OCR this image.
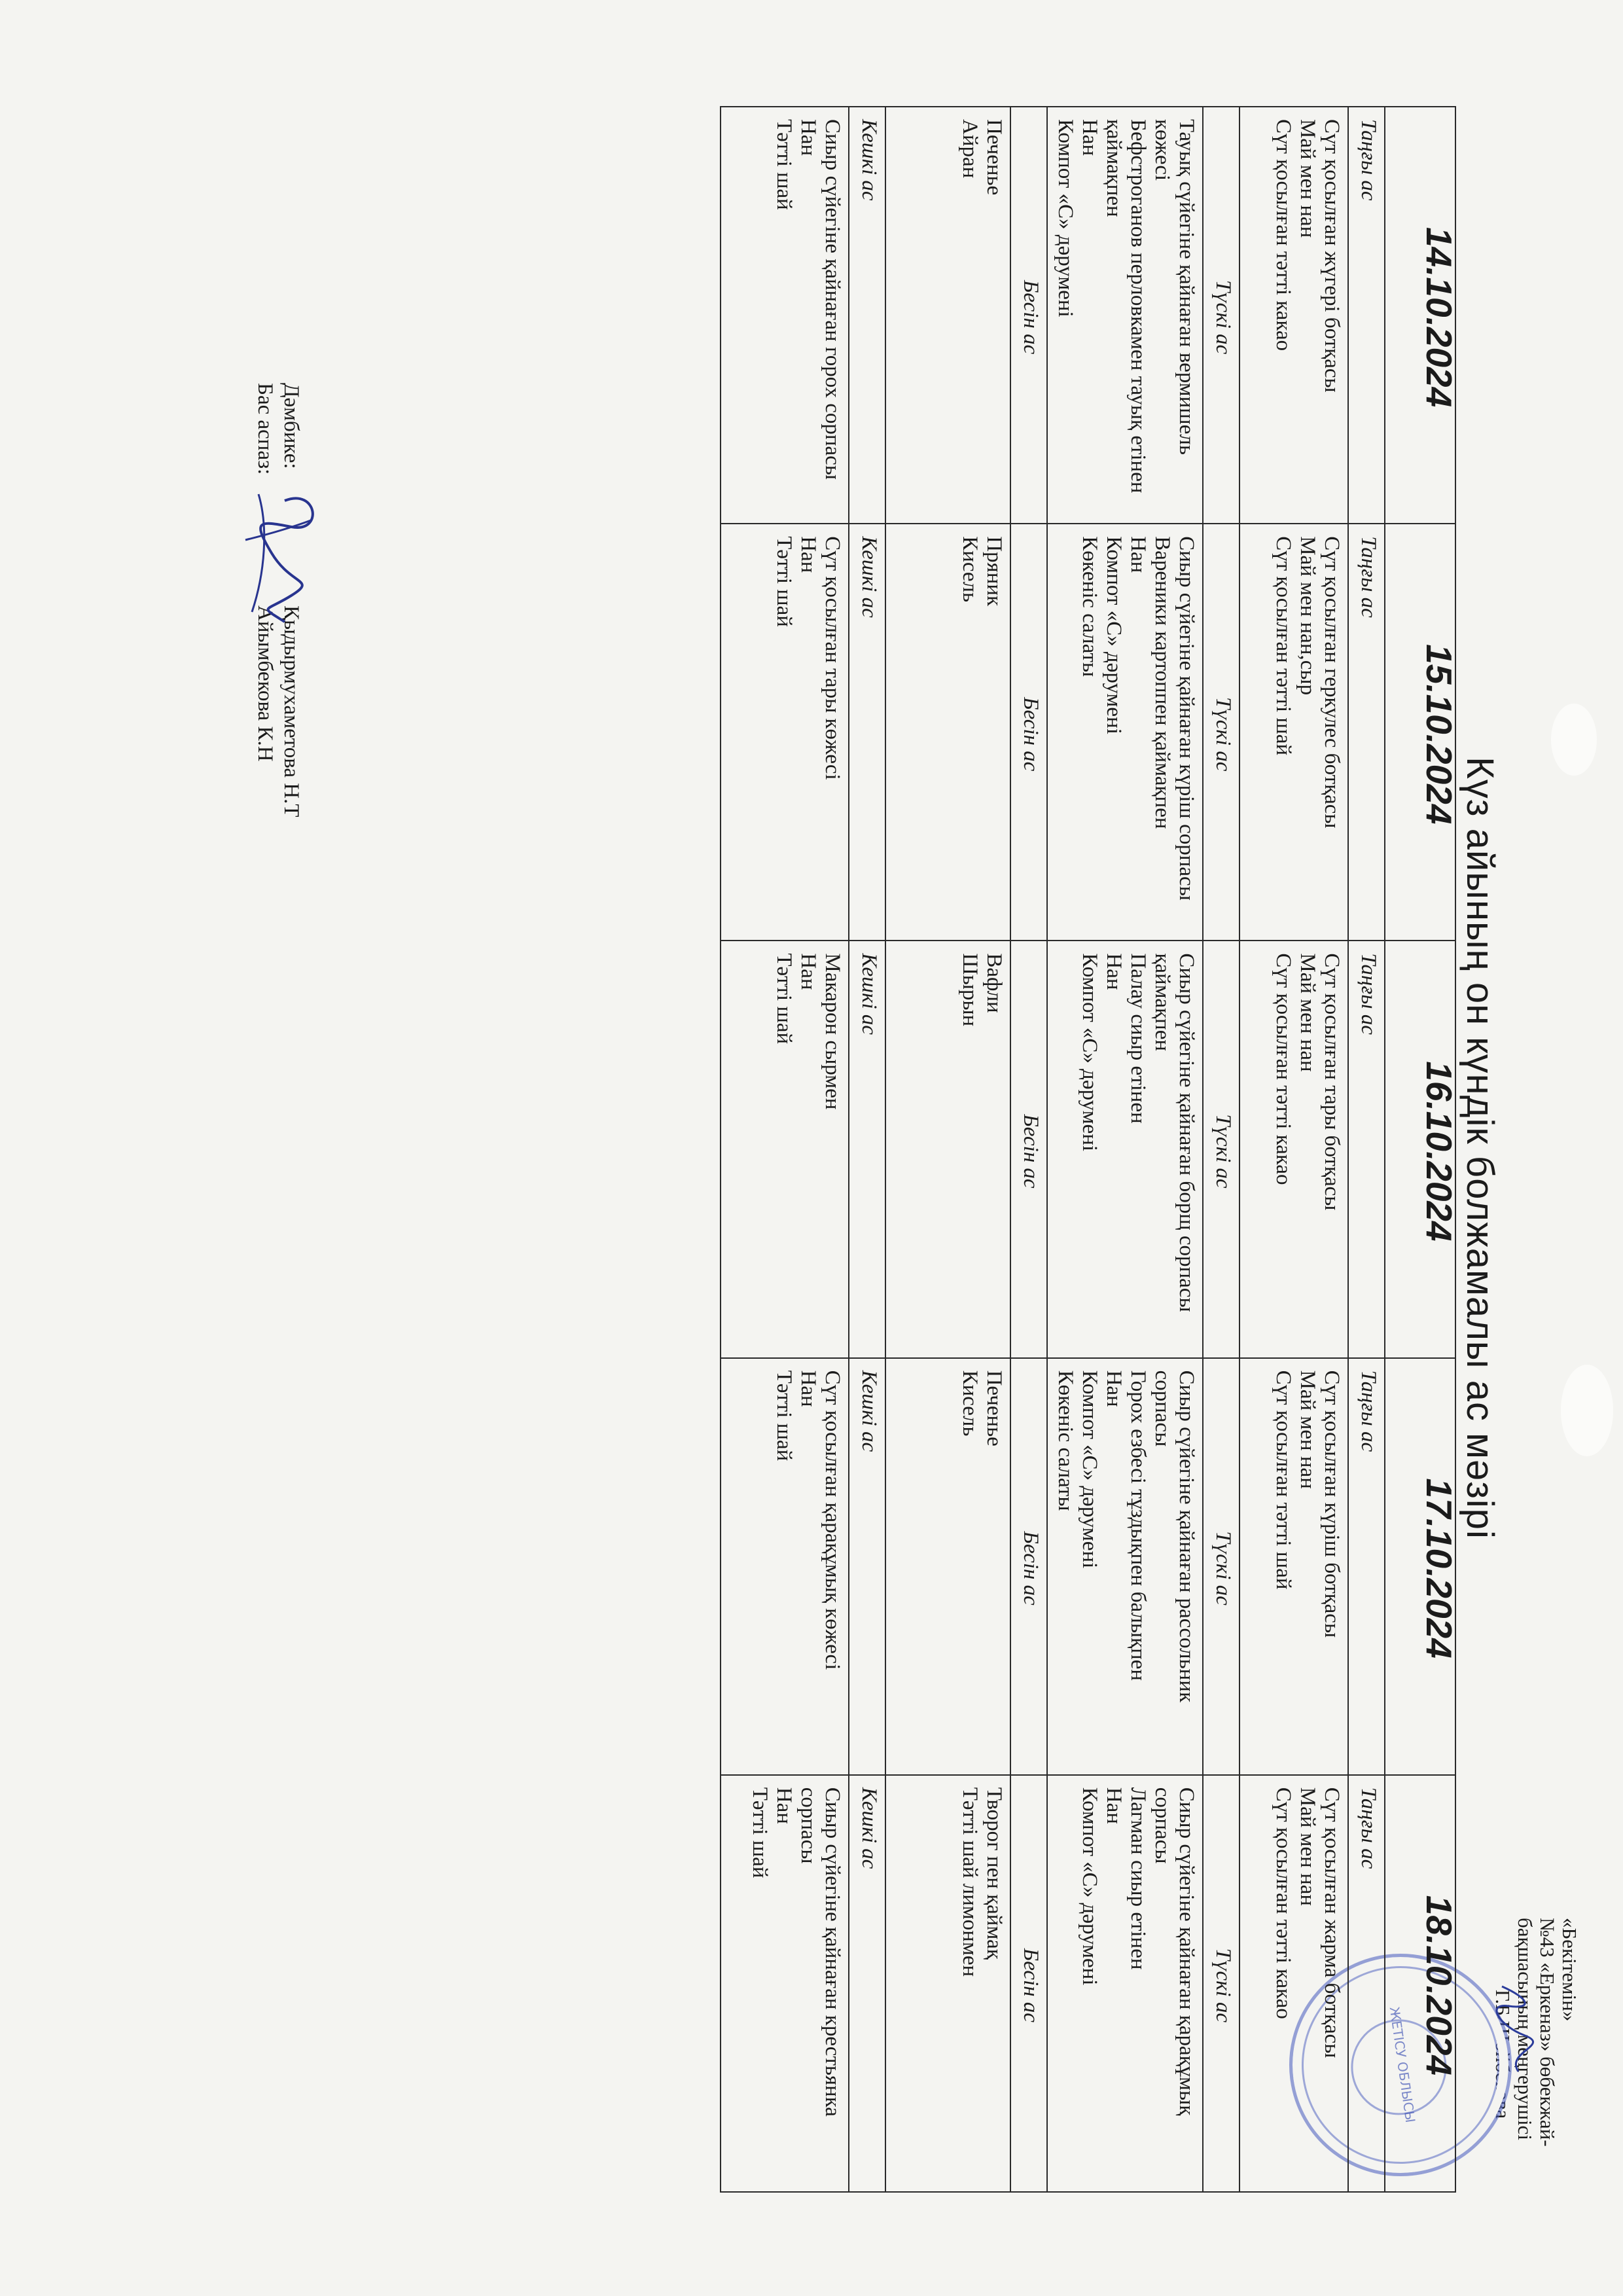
«Бекітемін»
№43 «Еркеназ» бөбекжай-
бақшасының меңгерушісі
Г.Б.Шойбекова
ЖЕТІСУ ОБЛЫСЫ
Күз айының он күндік болжамалы ас мәзірі
14.10.2024	15.10.2024	16.10.2024	17.10.2024	18.10.2024
Таңғы ас	Таңғы ас	Таңғы ас	Таңғы ас	Таңғы ас

Сүт қосылған жүгері ботқасы
Май мен нан
Сүт қосылған тәтті какао	Сүт қосылған геркулес ботқасы
Май мен нан,сыр
Сүт қосылған тәтті шай	Сүт қосылған тары ботқасы
Май мен нан
Сүт қосылған тәтті какао	Сүт қосылған күріш ботқасы
Май мен нан
Сүт қосылған тәтті шай	Сүт қосылған жарма ботқасы
Май мен нан
Сүт қосылған тәтті какао

Түскі ас	Түскі ас	Түскі ас	Түскі ас	Түскі ас

Тауық сүйегіне қайнаған вермишель көжесі
Бефстроганов перловкамен тауық етінен қаймақпен
Нан
Компот «С» дәрумені	Сиыр сүйегіне қайнаған күріш сорпасы
Вареники картоппен қаймақпен
Нан
Компот «С» дәрумені
Көкеніс салаты	Сиыр сүйегіне қайнаған борщ сорпасы қаймақпен
Палау сиыр етінен
Нан
Компот «С» дәрумені	Сиыр сүйегіне қайнаған рассольник сорпасы
Горох езбесі тұздықпен балықпен
Нан
Компот «С» дәрумені
Көкеніс салаты	Сиыр сүйегіне қайнаған қарақұмық сорпасы
Лагман сиыр етінен
Нан
Компот «С» дәрумені

Бесін ас	Бесін ас	Бесін ас	Бесін ас	Бесін ас

Печенье
Айран	Пряник
Кисель	Вафли
Шырын	Печенье
Кисель	Творог пен қаймақ
Тәтті шай лимонмен

Кешкі ас	Кешкі ас	Кешкі ас	Кешкі ас	Кешкі ас

Сиыр сүйегіне қайнаған горох сорпасы
Нан
Тәтті шай	Сүт қосылған тары көжесі
Нан
Тәтті шай	Макарон сырмен
Нан
Тәтті шай	Сүт қосылған қарақұмық көжесі
Нан
Тәтті шай	Сиыр сүйегіне қайнаған крестьянка сорпасы
Нан
Тәтті шай
Дәмбике:
Қыдырмухаметова Н.Т
Бас аспаз:
Айымбекова К.Н
